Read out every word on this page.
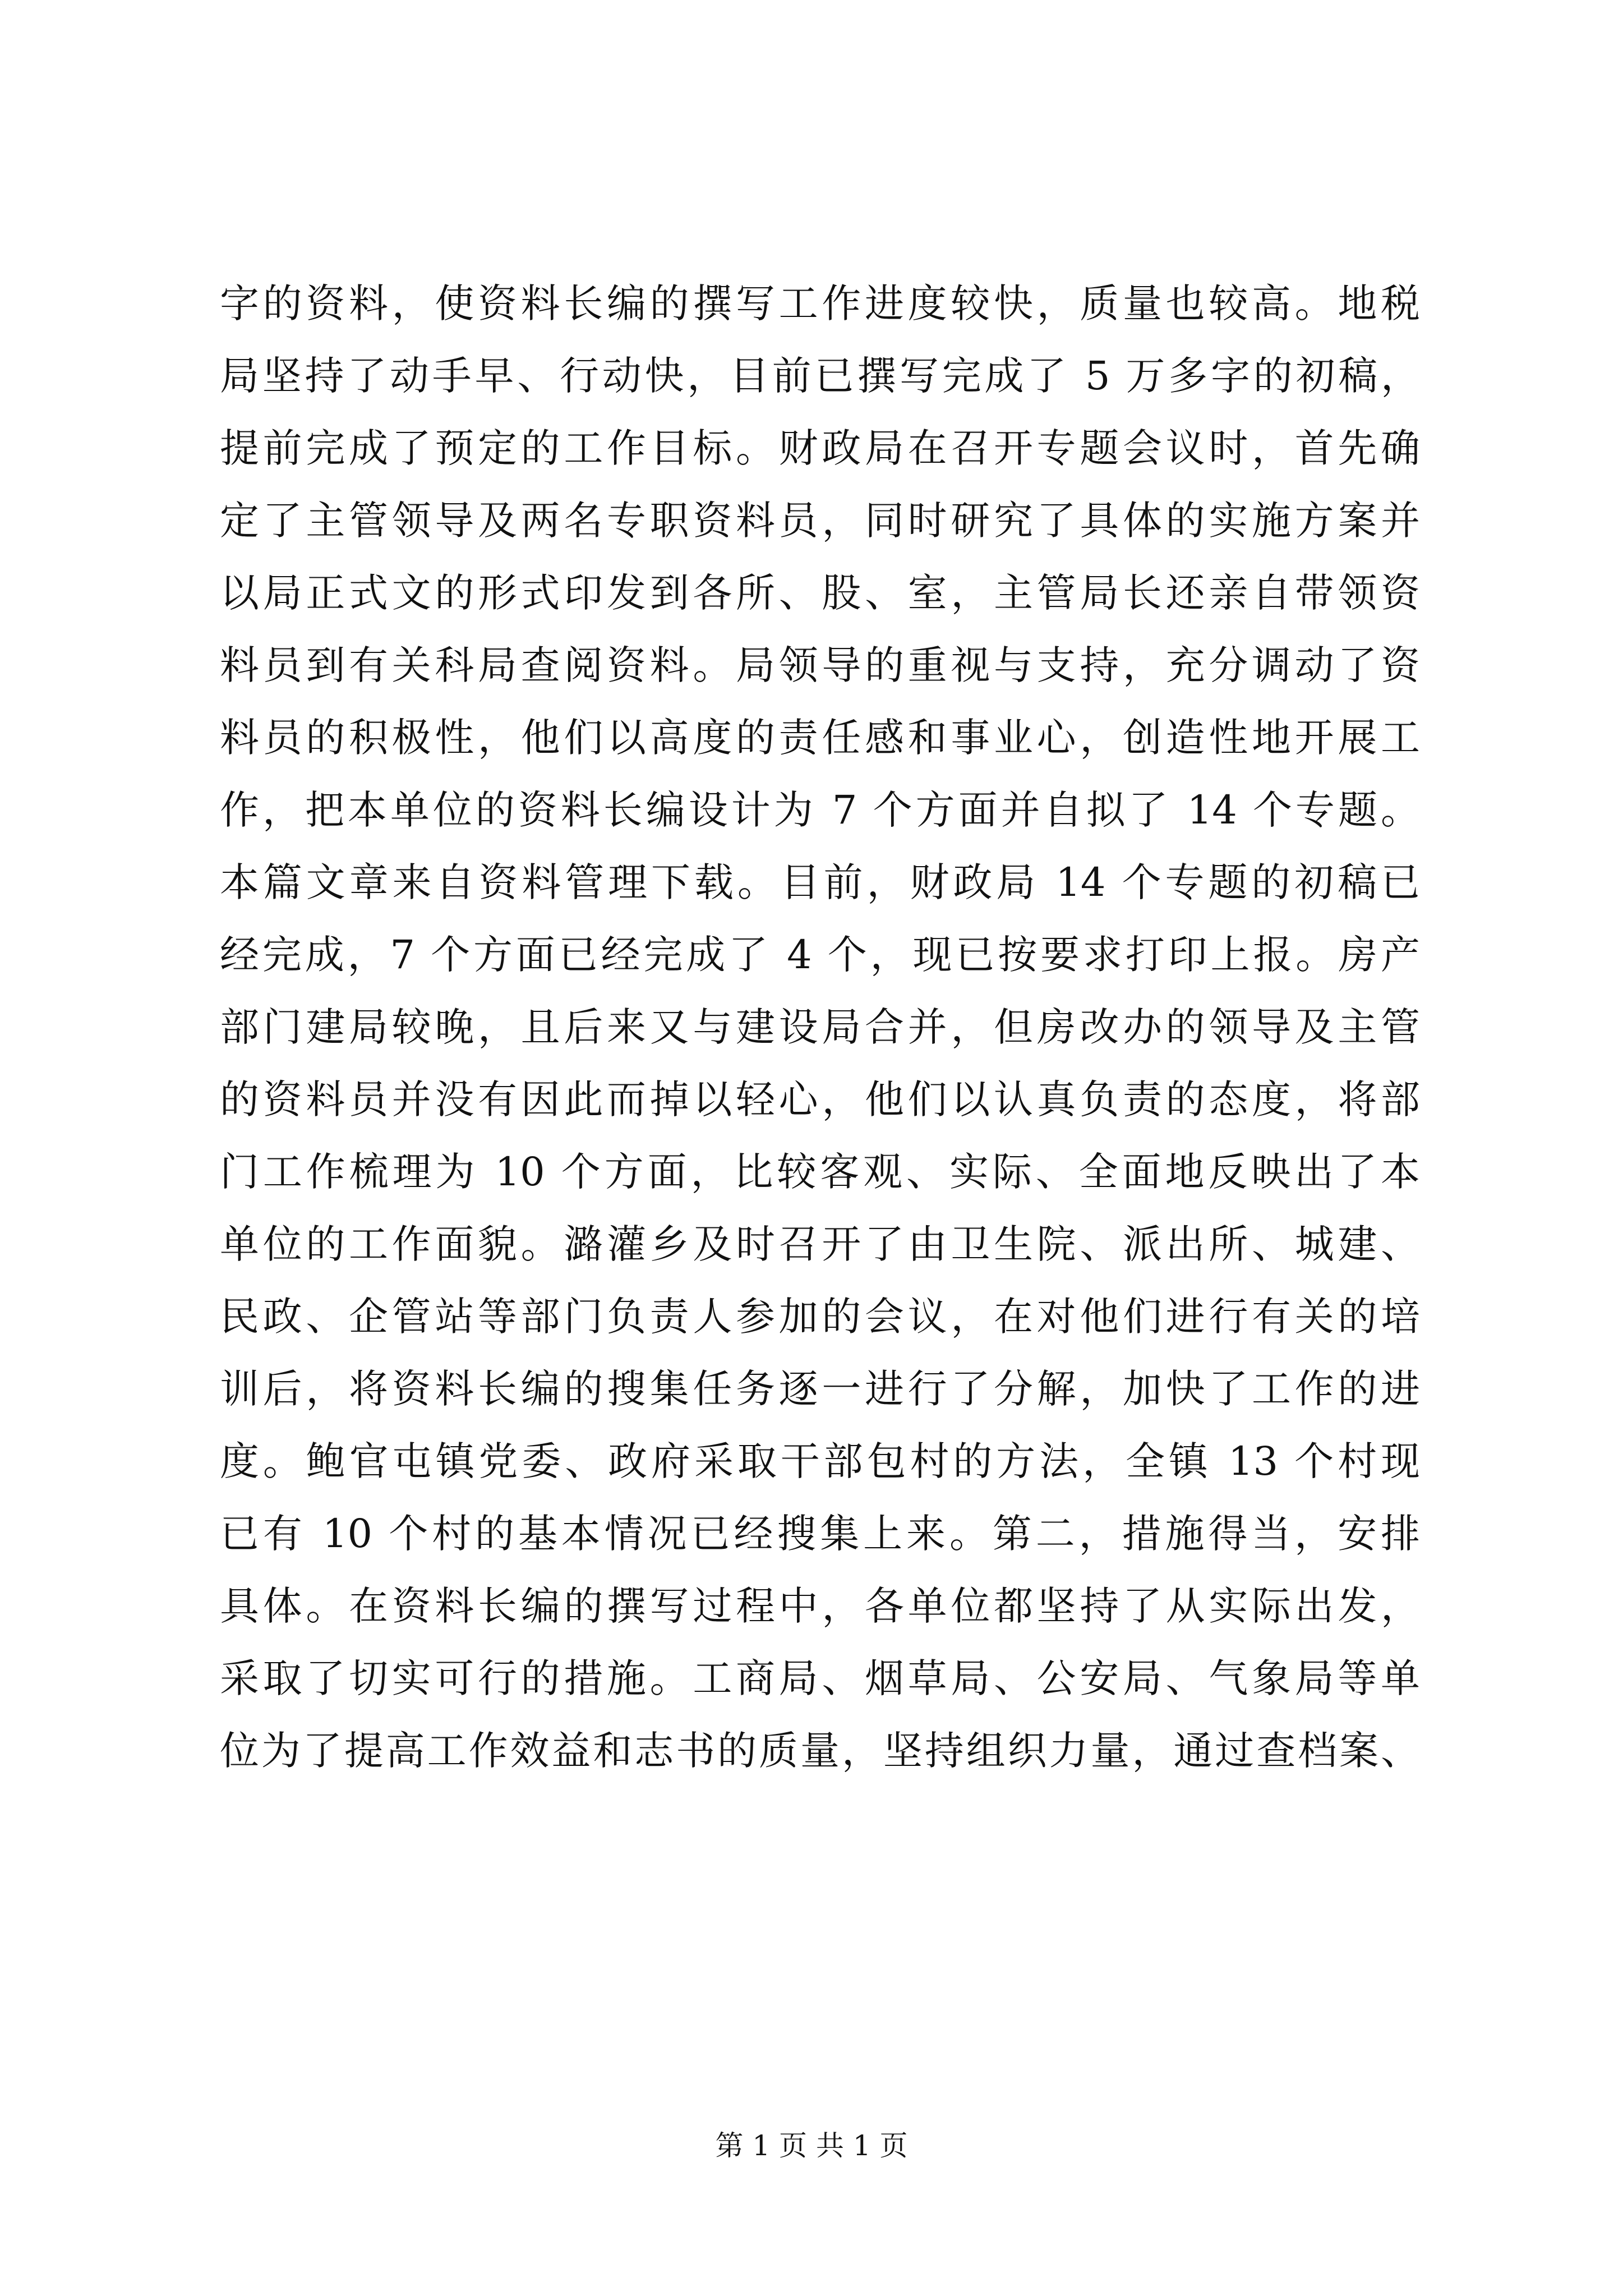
字的资料，使资料长编的撰写工作进度较快，质量也较高。地税
局坚持了动手早、行动快，目前已撰写完成了 5 万多字的初稿，
提前完成了预定的工作目标。财政局在召开专题会议时，首先确
定了主管领导及两名专职资料员，同时研究了具体的实施方案并
以局正式文的形式印发到各所、股、室，主管局长还亲自带领资
料员到有关科局查阅资料。局领导的重视与支持，充分调动了资
料员的积极性，他们以高度的责任感和事业心，创造性地开展工
作，把本单位的资料长编设计为 7 个方面并自拟了 14 个专题。
本篇文章来自资料管理下载。目前，财政局 14 个专题的初稿已
经完成，7 个方面已经完成了 4 个，现已按要求打印上报。房产
部门建局较晚，且后来又与建设局合并，但房改办的领导及主管
的资料员并没有因此而掉以轻心，他们以认真负责的态度，将部
门工作梳理为 10 个方面，比较客观、实际、全面地反映出了本
单位的工作面貌。潞灌乡及时召开了由卫生院、派出所、城建、
民政、企管站等部门负责人参加的会议，在对他们进行有关的培
训后，将资料长编的搜集任务逐一进行了分解，加快了工作的进
度。鲍官屯镇党委、政府采取干部包村的方法，全镇 13 个村现
已有 10 个村的基本情况已经搜集上来。第二，措施得当，安排
具体。在资料长编的撰写过程中，各单位都坚持了从实际出发，
采取了切实可行的措施。工商局、烟草局、公安局、气象局等单
位为了提高工作效益和志书的质量，坚持组织力量，通过查档案、
第 1 页 共 1 页
